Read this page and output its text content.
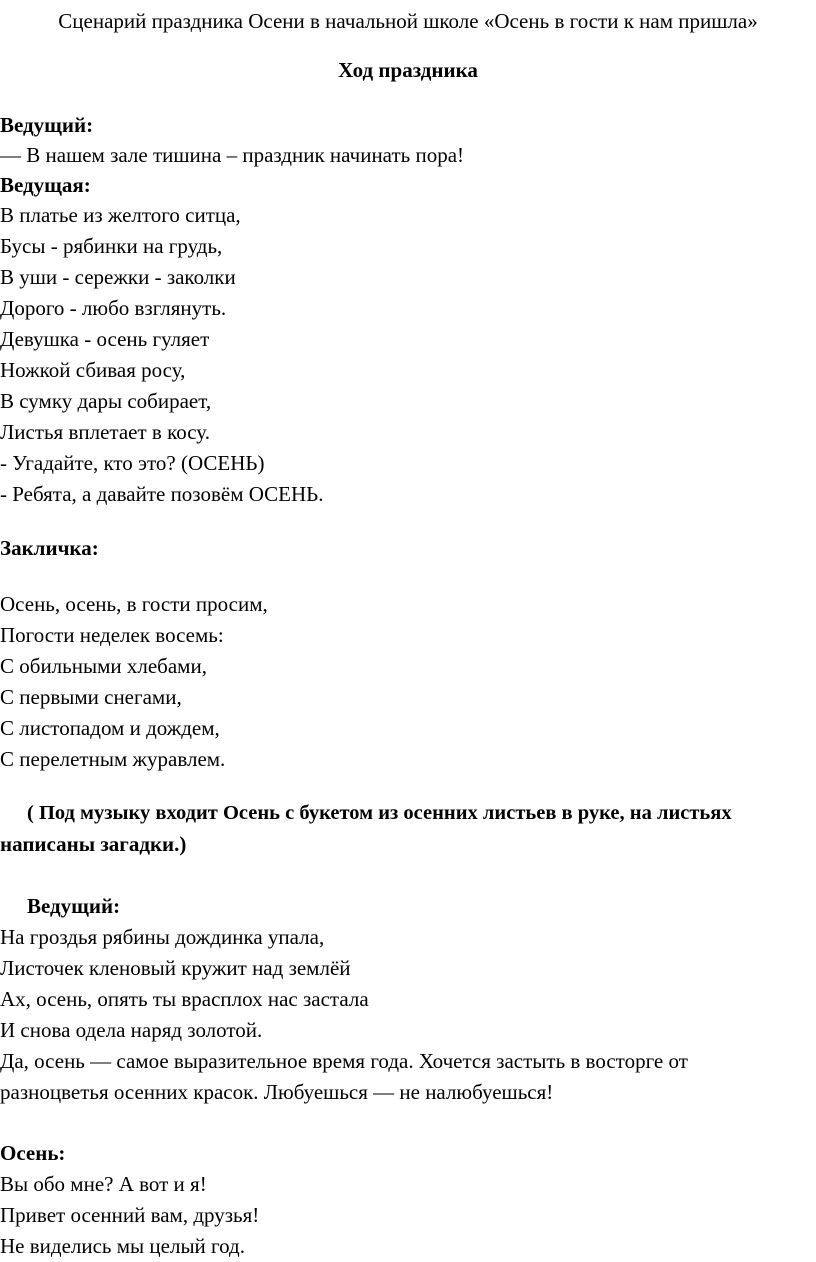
Сценарий праздника Осени в начальной школе «Осень в гости к нам пришла»
Ход праздника
Ведущий:
— В нашем зале тишина – праздник начинать пора!
Ведущая:
В платье из желтого ситца,
Бусы - рябинки на грудь,
В уши - сережки - заколки
Дорого - любо взглянуть.
Девушка - осень гуляет
Ножкой сбивая росу,
В сумку дары собирает,
Листья вплетает в косу.
- Угадайте, кто это? (ОСЕНЬ)
- Ребята, а давайте позовём ОСЕНЬ.
Закличка:
Осень, осень, в гости просим,
Погости неделек восемь:
С обильными хлебами,
С первыми снегами,
С листопадом и дождем,
С перелетным журавлем.
( Под музыку входит Осень с букетом из осенних листьев в руке, на листьях
написаны загадки.)
Ведущий:
На гроздья рябины дождинка упала,
Листочек кленовый кружит над землёй
Ах, осень, опять ты врасплох нас застала
И снова одела наряд золотой.
Да, осень — самое выразительное время года. Хочется застыть в восторге от
разноцветья осенних красок. Любуешься — не налюбуешься!
Осень:
Вы обо мне? А вот и я!
Привет осенний вам, друзья!
Не виделись мы целый год.
